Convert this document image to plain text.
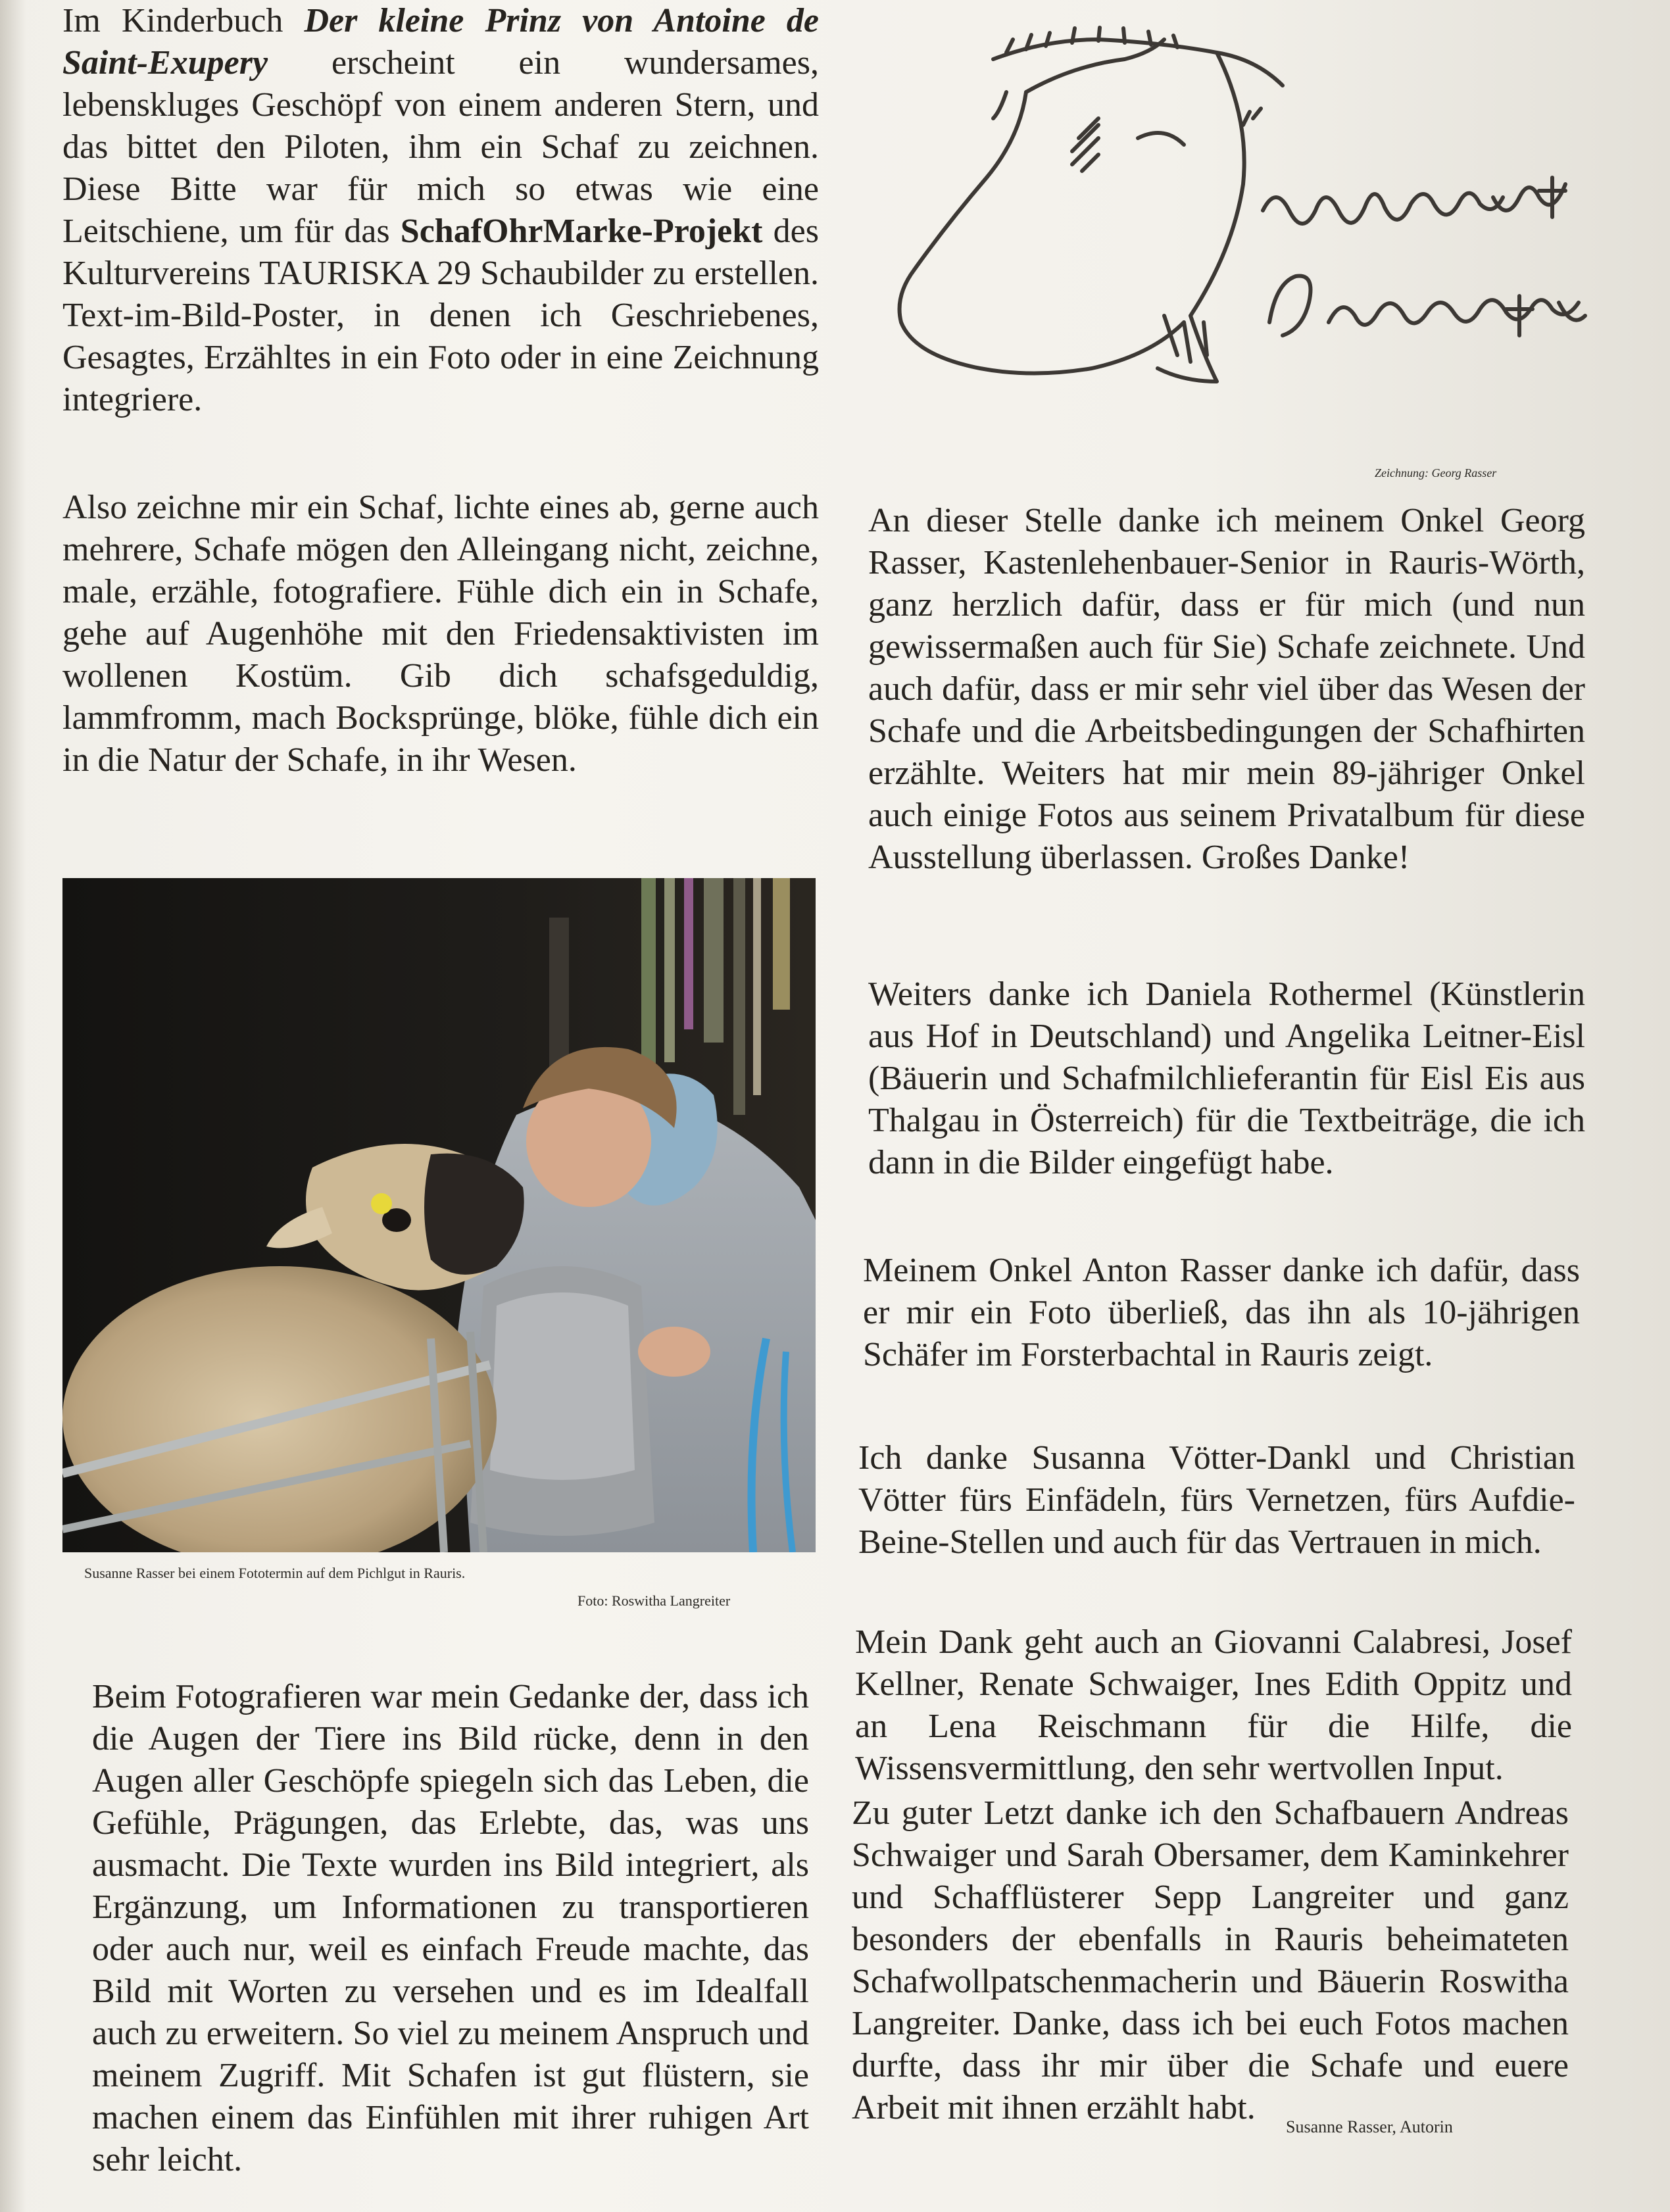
Im Kinderbuch Der kleine Prinz von Antoine de Saint-Exupery erscheint ein wundersames, lebenskluges Geschöpf von einem anderen Stern, und das bittet den Piloten, ihm ein Schaf zu zeichnen. Diese Bitte war für mich so etwas wie eine Leitschiene, um für das SchafOhrMarke-Projekt des Kulturvereins TAURISKA 29 Schaubilder zu erstellen. Text-im-Bild-Poster, in denen ich Geschriebenes, Gesagtes, Erzähltes in ein Foto oder in eine Zeichnung integriere.

Also zeichne mir ein Schaf, lichte eines ab, gerne auch mehrere, Schafe mögen den Alleingang nicht, zeichne, male, erzähle, fotografiere. Fühle dich ein in Schafe, gehe auf Augenhöhe mit den Friedensaktivisten im wollenen Kostüm. Gib dich schafsgeduldig, lammfromm, mach Bocksprünge, blöke, fühle dich ein in die Natur der Schafe, in ihr Wesen.

Susanne Rasser bei einem Fototermin auf dem Pichlgut in Rauris.

Foto: Roswitha Langreiter

Beim Fotografieren war mein Gedanke der, dass ich die Augen der Tiere ins Bild rücke, denn in den Augen aller Geschöpfe spiegeln sich das Leben, die Gefühle, Prägungen, das Erlebte, das, was uns ausmacht. Die Texte wurden ins Bild integriert, als Ergänzung, um Informationen zu transportieren oder auch nur, weil es einfach Freude machte, das Bild mit Worten zu versehen und es im Idealfall auch zu erweitern. So viel zu meinem Anspruch und meinem Zugriff. Mit Schafen ist gut flüstern, sie machen einem das Einfühlen mit ihrer ruhigen Art sehr leicht.

Zeichnung: Georg Rasser

An dieser Stelle danke ich meinem Onkel Georg Rasser, Kastenlehenbauer-Senior in Rauris-Wörth, ganz herzlich dafür, dass er für mich (und nun gewissermaßen auch für Sie) Schafe zeichnete. Und auch dafür, dass er mir sehr viel über das Wesen der Schafe und die Arbeitsbedingungen der Schafhirten erzählte. Weiters hat mir mein 89-jähriger Onkel auch einige Fotos aus seinem Privatalbum für diese Ausstellung überlassen. Großes Danke!

Weiters danke ich Daniela Rothermel (Künstlerin aus Hof in Deutschland) und Angelika Leitner-Eisl (Bäuerin und Schafmilchlieferantin für Eisl Eis aus Thalgau in Österreich) für die Textbeiträge, die ich dann in die Bilder eingefügt habe.

Meinem Onkel Anton Rasser danke ich dafür, dass er mir ein Foto überließ, das ihn als 10-jährigen Schäfer im Forsterbachtal in Rauris zeigt.

Ich danke Susanna Vötter-Dankl und Christian Vötter fürs Einfädeln, fürs Vernetzen, fürs Aufdie-Beine-Stellen und auch für das Vertrauen in mich.

Mein Dank geht auch an Giovanni Calabresi, Josef Kellner, Renate Schwaiger, Ines Edith Oppitz und an Lena Reischmann für die Hilfe, die Wissensvermittlung, den sehr wertvollen Input.

Zu guter Letzt danke ich den Schafbauern Andreas Schwaiger und Sarah Obersamer, dem Kaminkehrer und Schafflüsterer Sepp Langreiter und ganz besonders der ebenfalls in Rauris beheimateten Schafwollpatschenmacherin und Bäuerin Roswitha Langreiter. Danke, dass ich bei euch Fotos machen durfte, dass ihr mir über die Schafe und euere Arbeit mit ihnen erzählt habt.

Susanne Rasser, Autorin
